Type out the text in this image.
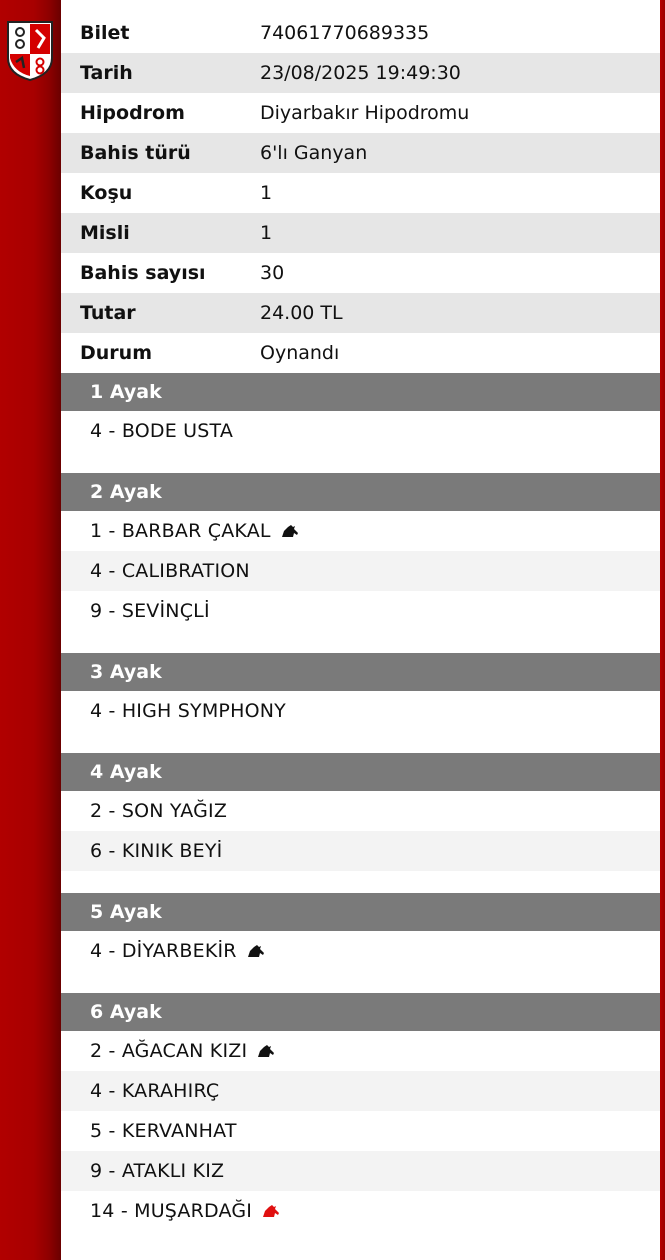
Bilet	74061770689335
Tarih	23/08/2025 19:49:30
Hipodrom	Diyarbakır Hipodromu
Bahis türü	6'lı Ganyan
Koşu	1
Misli	1
Bahis sayısı	30
Tutar	24.00 TL
Durum	Oynandı
1 Ayak
4 - BODE USTA
2 Ayak
1 - BARBAR ÇAKAL
4 - CALIBRATION
9 - SEVİNÇLİ
3 Ayak
4 - HIGH SYMPHONY
4 Ayak
2 - SON YAĞIZ
6 - KINIK BEYİ
5 Ayak
4 - DİYARBEKİR
6 Ayak
2 - AĞACAN KIZI
4 - KARAHIRÇ
5 - KERVANHAT
9 - ATAKLI KIZ
14 - MUŞARDAĞI
